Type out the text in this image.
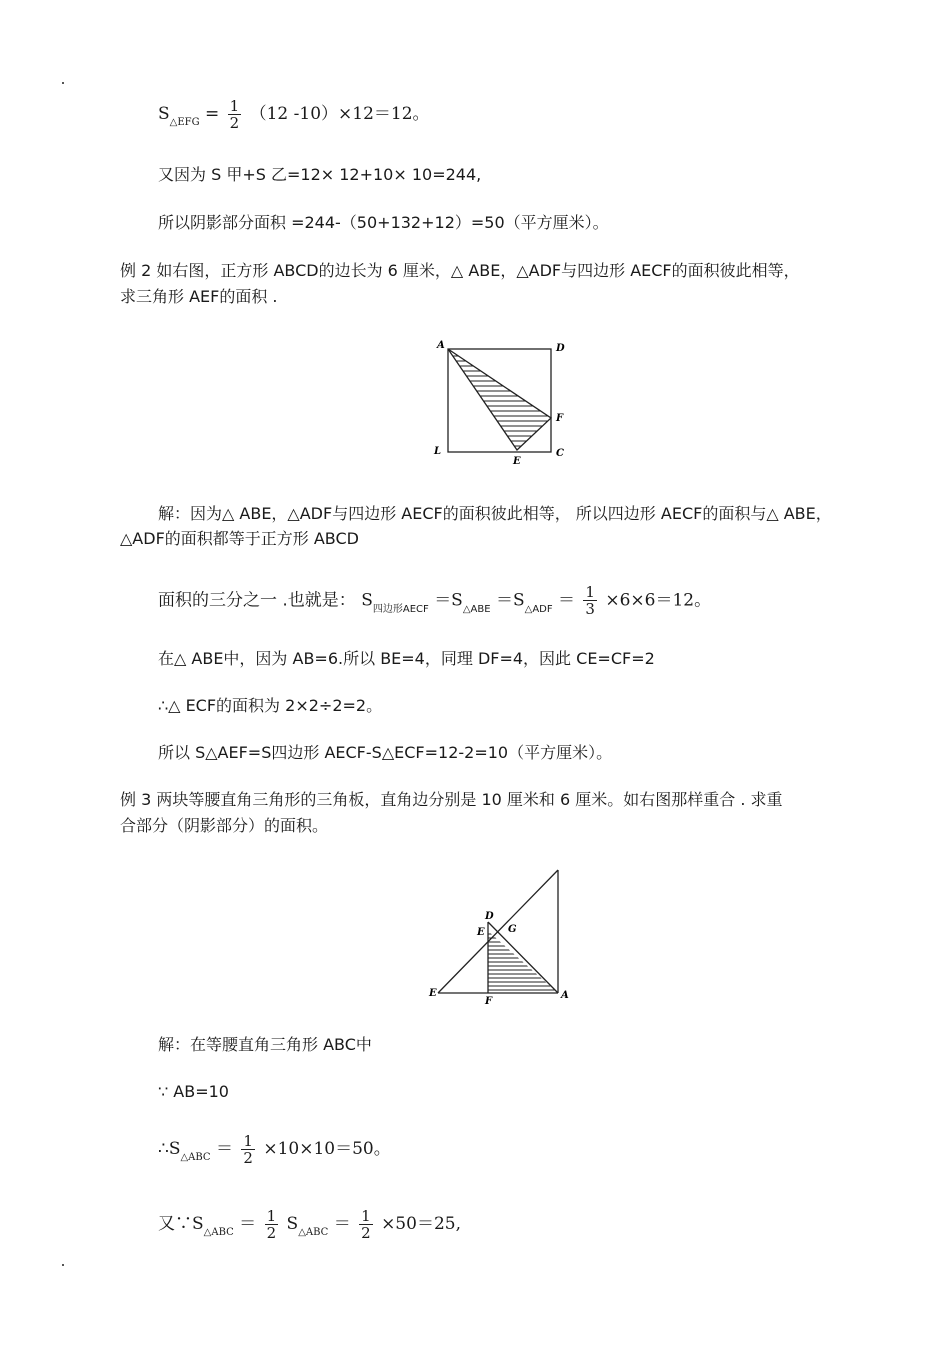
$S_{\triangle EFG} = \frac{1}{2} (12$ -10）×12＝12。
又因为 S 甲+S 乙=12× 12+10× 10=244,
所以阴影部分面积 =244-（50+132+12）=50（平方厘米）。
例 2 如右图，正方形 ABCD的边长为 6 厘米，△ ABE，△ADF与四边形 AECF的面积彼此相等，
求三角形 AEF的面积 .
A	D
F
L
E
C
解：因为△ ABE，△ADF与四边形 AECF的面积彼此相等， 所以四边形 AECF的面积与△ ABE，
△ADF的面积都等于正方形 ABCD
面积的三分之一 .也就是： $S_{四边形AECF} =S_{\triangle ABE} =S_{\triangle ADF} = \frac{1}{3} \times 6\times 6=12$。
在△ ABE中，因为 AB=6.所以 BE=4，同理 DF=4，因此 CE=CF=2
∴△ ECF的面积为 2×2÷2=2。
所以 S△AEF=S四边形 AECF-S△ECF=12-2=10（平方厘米）。
例 3 两块等腰直角三角形的三角板，直角边分别是 10 厘米和 6 厘米。如右图那样重合 . 求重
合部分（阴影部分）的面积。
D
E G
E
F
A
解：在等腰直角三角形 ABC中
∵ AB=10
$\therefore S_{\triangle ABC} = \frac{1}{2} \times 10\times 10=50$。
又$\because S_{\triangle ABC} = \frac{1}{2} S_{\triangle ABC} = \frac{1}{2} \times 50=25$,
